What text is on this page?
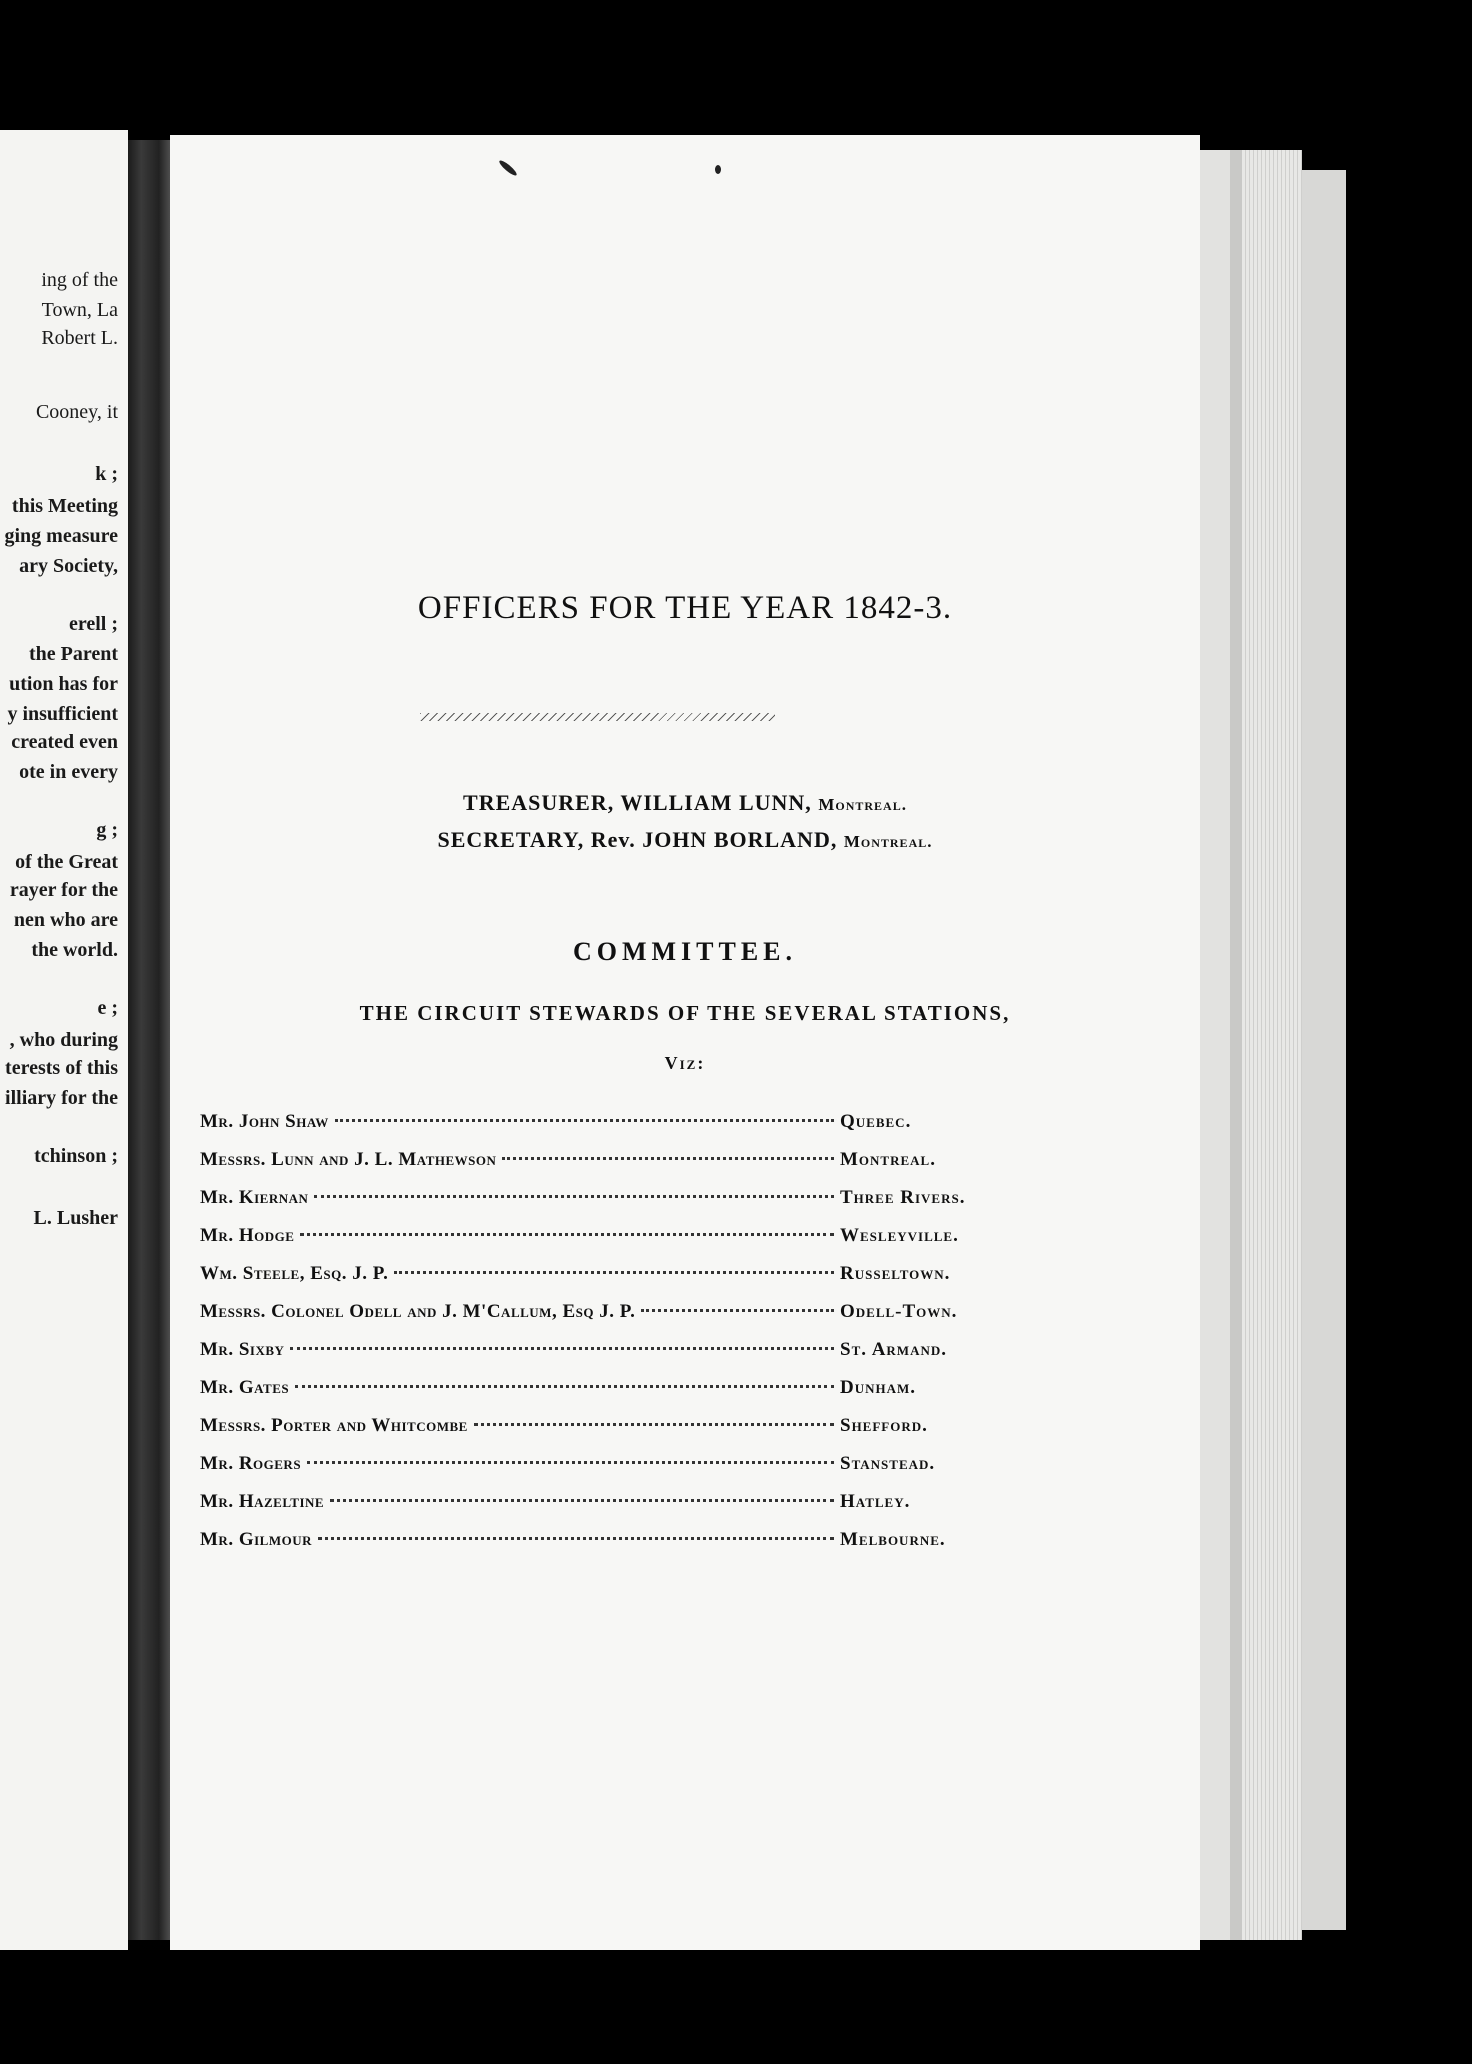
ing of the
Town, La
Robert L.
Cooney, it
k ;
this Meeting
ging measure
ary Society,
erell ;
the Parent
ution has for
y insufficient
created even
ote in every
g ;
of the Great
rayer for the
nen who are
the world.
e ;
, who during
terests of this
illiary for the
tchinson ;
L. Lusher
OFFICERS FOR THE YEAR 1842-3.
TREASURER, WILLIAM LUNN, Montreal.
SECRETARY, Rev. JOHN BORLAND, Montreal.
COMMITTEE.
THE CIRCUIT STEWARDS OF THE SEVERAL STATIONS,
Viz:
Mr. John Shaw	Quebec.
Messrs. Lunn and J. L. Mathewson	Montreal.
Mr. Kiernan	Three Rivers.
Mr. Hodge	Wesleyville.
Wm. Steele, Esq. J. P.	Russeltown.
Messrs. Colonel Odell and J. M'Callum, Esq J. P.	Odell-Town.
Mr. Sixby	St. Armand.
Mr. Gates	Dunham.
Messrs. Porter and Whitcombe	Shefford.
Mr. Rogers	Stanstead.
Mr. Hazeltine	Hatley.
Mr. Gilmour	Melbourne.
